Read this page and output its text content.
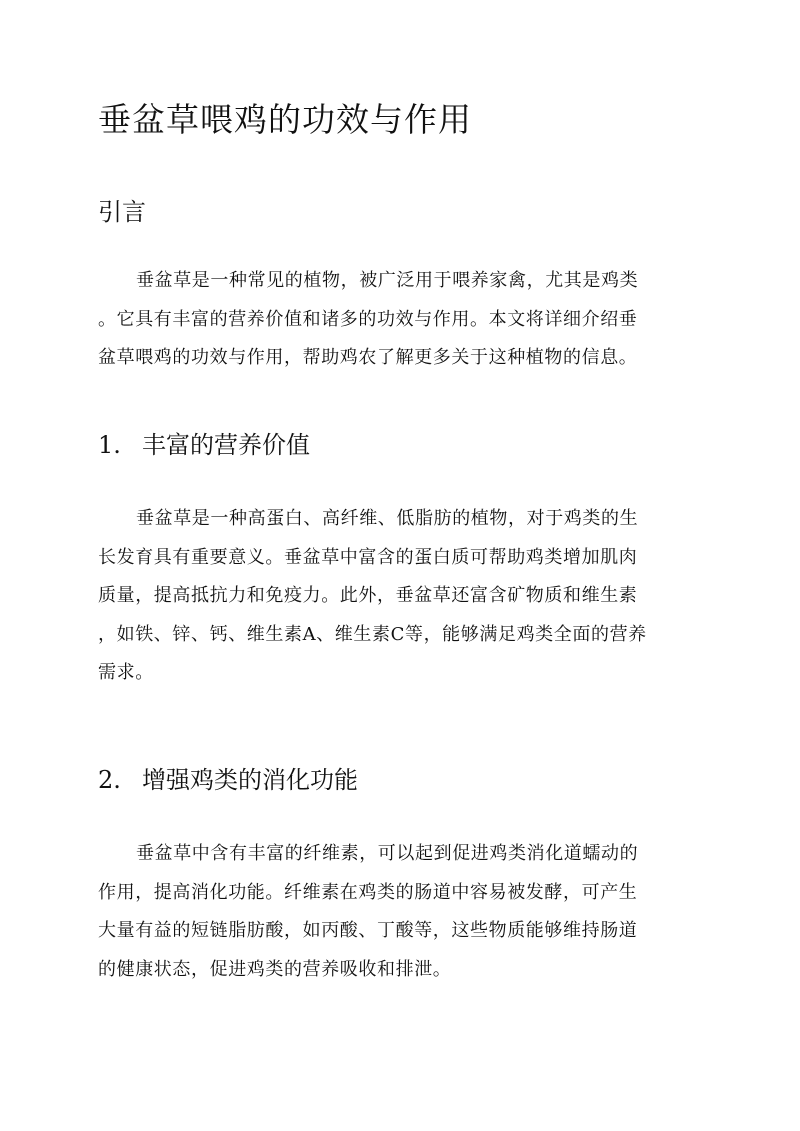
垂盆草喂鸡的功效与作用
引言

垂盆草是一种常见的植物，被广泛用于喂养家禽，尤其是鸡类
。它具有丰富的营养价值和诸多的功效与作用。本文将详细介绍垂
盆草喂鸡的功效与作用，帮助鸡农了解更多关于这种植物的信息。

1. 丰富的营养价值

垂盆草是一种高蛋白、高纤维、低脂肪的植物，对于鸡类的生
长发育具有重要意义。垂盆草中富含的蛋白质可帮助鸡类增加肌肉
质量，提高抵抗力和免疫力。此外，垂盆草还富含矿物质和维生素
，如铁、锌、钙、维生素A、维生素C等，能够满足鸡类全面的营养
需求。

2. 增强鸡类的消化功能

垂盆草中含有丰富的纤维素，可以起到促进鸡类消化道蠕动的
作用，提高消化功能。纤维素在鸡类的肠道中容易被发酵，可产生
大量有益的短链脂肪酸，如丙酸、丁酸等，这些物质能够维持肠道
的健康状态，促进鸡类的营养吸收和排泄。
